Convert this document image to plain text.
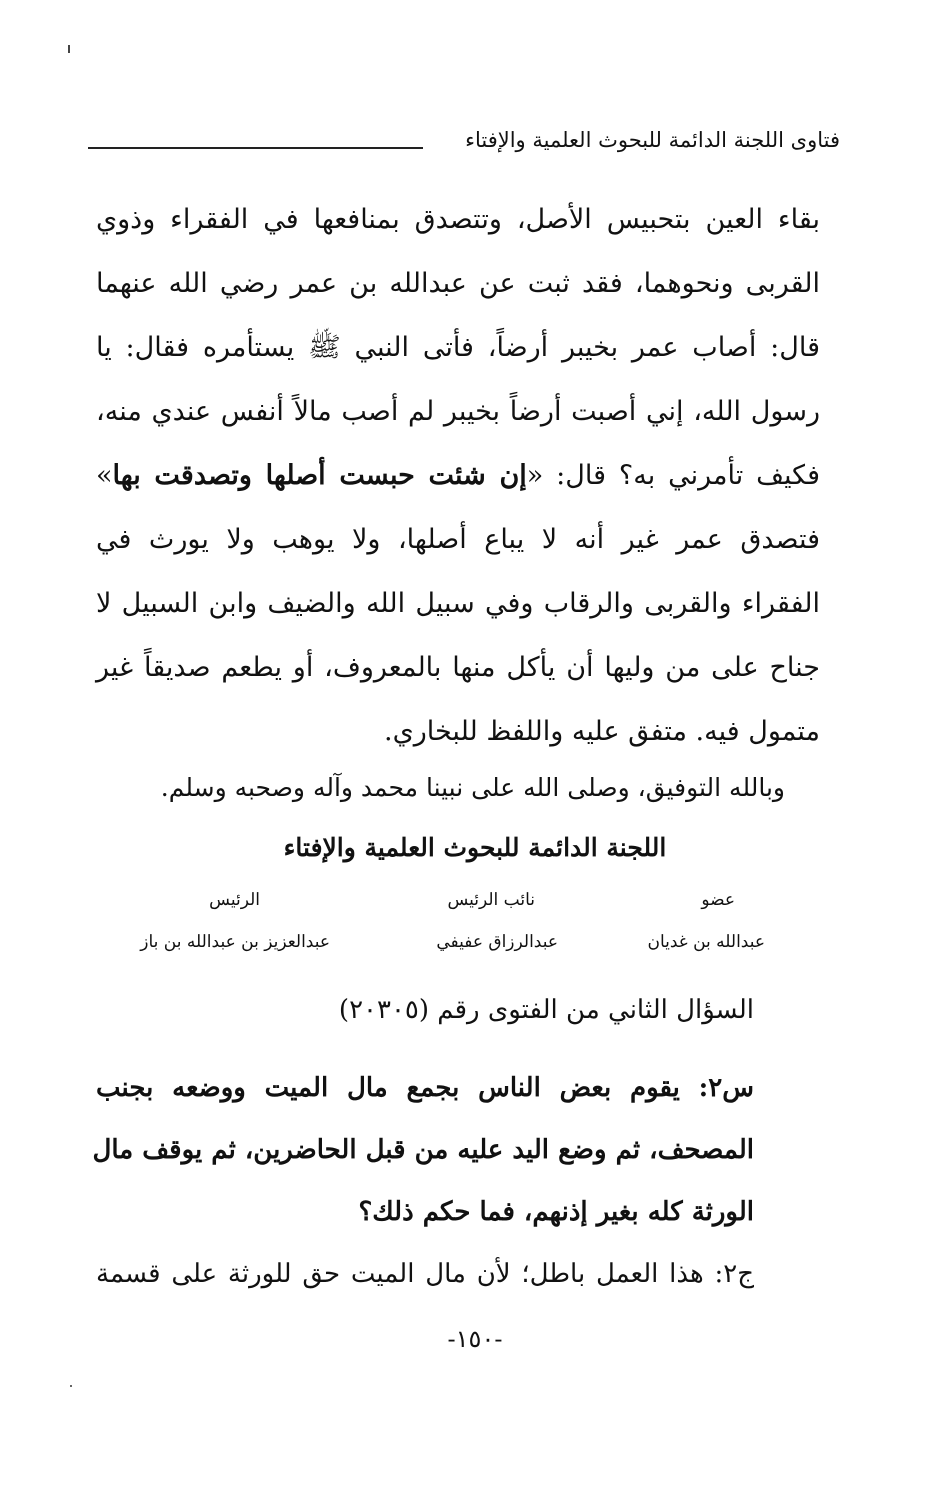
فتاوى اللجنة الدائمة للبحوث العلمية والإفتاء
بقاء العين بتحبيس الأصل، وتتصدق بمنافعها في الفقراء وذوي
القربى ونحوهما، فقد ثبت عن عبدالله بن عمر رضي الله عنهما
قال: أصاب عمر بخيبر أرضاً، فأتى النبي ﷺ يستأمره فقال: يا
رسول الله، إني أصبت أرضاً بخيبر لم أصب مالاً أنفس عندي منه،
فكيف تأمرني به؟ قال: «إن شئت حبست أصلها وتصدقت بها»
فتصدق عمر غير أنه لا يباع أصلها، ولا يوهب ولا يورث في
الفقراء والقربى والرقاب وفي سبيل الله والضيف وابن السبيل لا
جناح على من وليها أن يأكل منها بالمعروف، أو يطعم صديقاً غير
متمول فيه. متفق عليه واللفظ للبخاري.
وبالله التوفيق، وصلى الله على نبينا محمد وآله وصحبه وسلم.
اللجنة الدائمة للبحوث العلمية والإفتاء
عضو
عبدالله بن غديان
نائب الرئيس
عبدالرزاق عفيفي
الرئيس
عبدالعزيز بن عبدالله بن باز
السؤال الثاني من الفتوى رقم (٢٠٣٠٥)
س٢: يقوم بعض الناس بجمع مال الميت ووضعه بجنب
المصحف، ثم وضع اليد عليه من قبل الحاضرين، ثم يوقف مال
الورثة كله بغير إذنهم، فما حكم ذلك؟
ج٢: هذا العمل باطل؛ لأن مال الميت حق للورثة على قسمة
-١٥٠-
